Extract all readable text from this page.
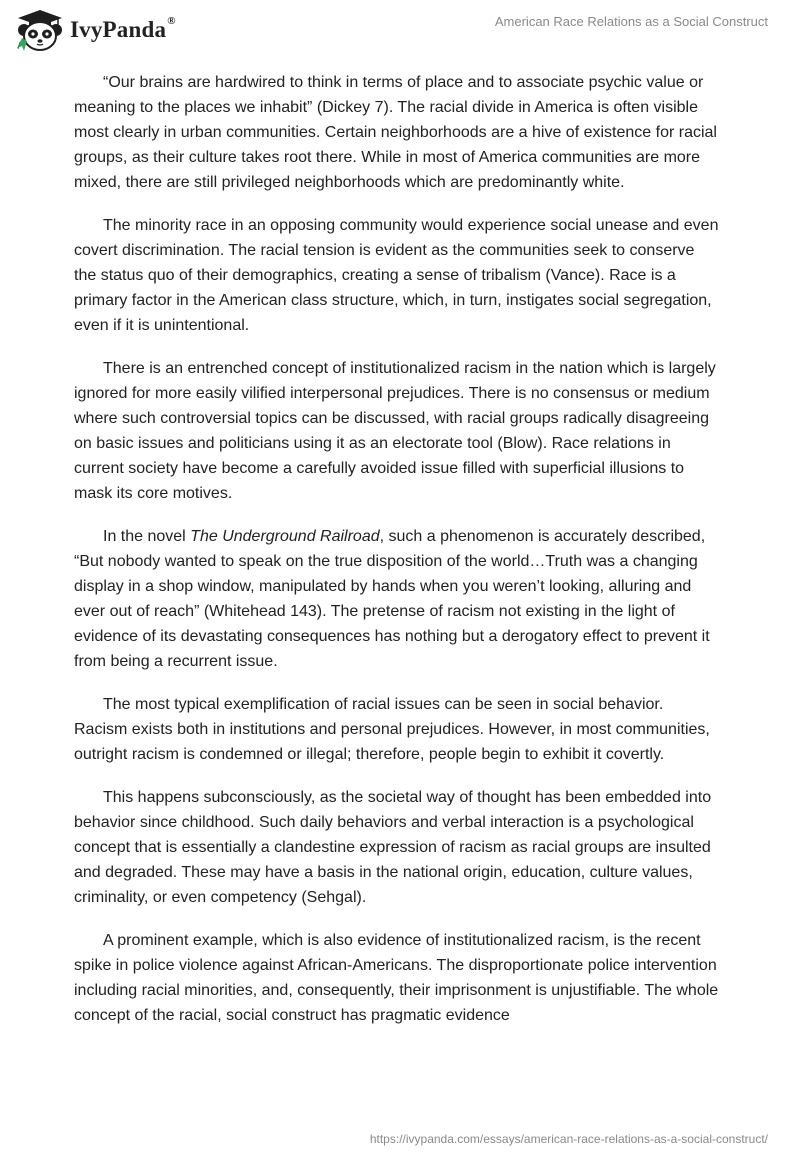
IvyPanda®	American Race Relations as a Social Construct

“Our brains are hardwired to think in terms of place and to associate psychic value or meaning to the places we inhabit” (Dickey 7). The racial divide in America is often visible most clearly in urban communities. Certain neighborhoods are a hive of existence for racial groups, as their culture takes root there. While in most of America communities are more mixed, there are still privileged neighborhoods which are predominantly white.

The minority race in an opposing community would experience social unease and even covert discrimination. The racial tension is evident as the communities seek to conserve the status quo of their demographics, creating a sense of tribalism (Vance). Race is a primary factor in the American class structure, which, in turn, instigates social segregation, even if it is unintentional.

There is an entrenched concept of institutionalized racism in the nation which is largely ignored for more easily vilified interpersonal prejudices. There is no consensus or medium where such controversial topics can be discussed, with racial groups radically disagreeing on basic issues and politicians using it as an electorate tool (Blow). Race relations in current society have become a carefully avoided issue filled with superficial illusions to mask its core motives.

In the novel The Underground Railroad, such a phenomenon is accurately described, “But nobody wanted to speak on the true disposition of the world…Truth was a changing display in a shop window, manipulated by hands when you weren’t looking, alluring and ever out of reach” (Whitehead 143). The pretense of racism not existing in the light of evidence of its devastating consequences has nothing but a derogatory effect to prevent it from being a recurrent issue.

The most typical exemplification of racial issues can be seen in social behavior. Racism exists both in institutions and personal prejudices. However, in most communities, outright racism is condemned or illegal; therefore, people begin to exhibit it covertly.

This happens subconsciously, as the societal way of thought has been embedded into behavior since childhood. Such daily behaviors and verbal interaction is a psychological concept that is essentially a clandestine expression of racism as racial groups are insulted and degraded. These may have a basis in the national origin, education, culture values, criminality, or even competency (Sehgal).

A prominent example, which is also evidence of institutionalized racism, is the recent spike in police violence against African-Americans. The disproportionate police intervention including racial minorities, and, consequently, their imprisonment is unjustifiable. The whole concept of the racial, social construct has pragmatic evidence

https://ivypanda.com/essays/american-race-relations-as-a-social-construct/
